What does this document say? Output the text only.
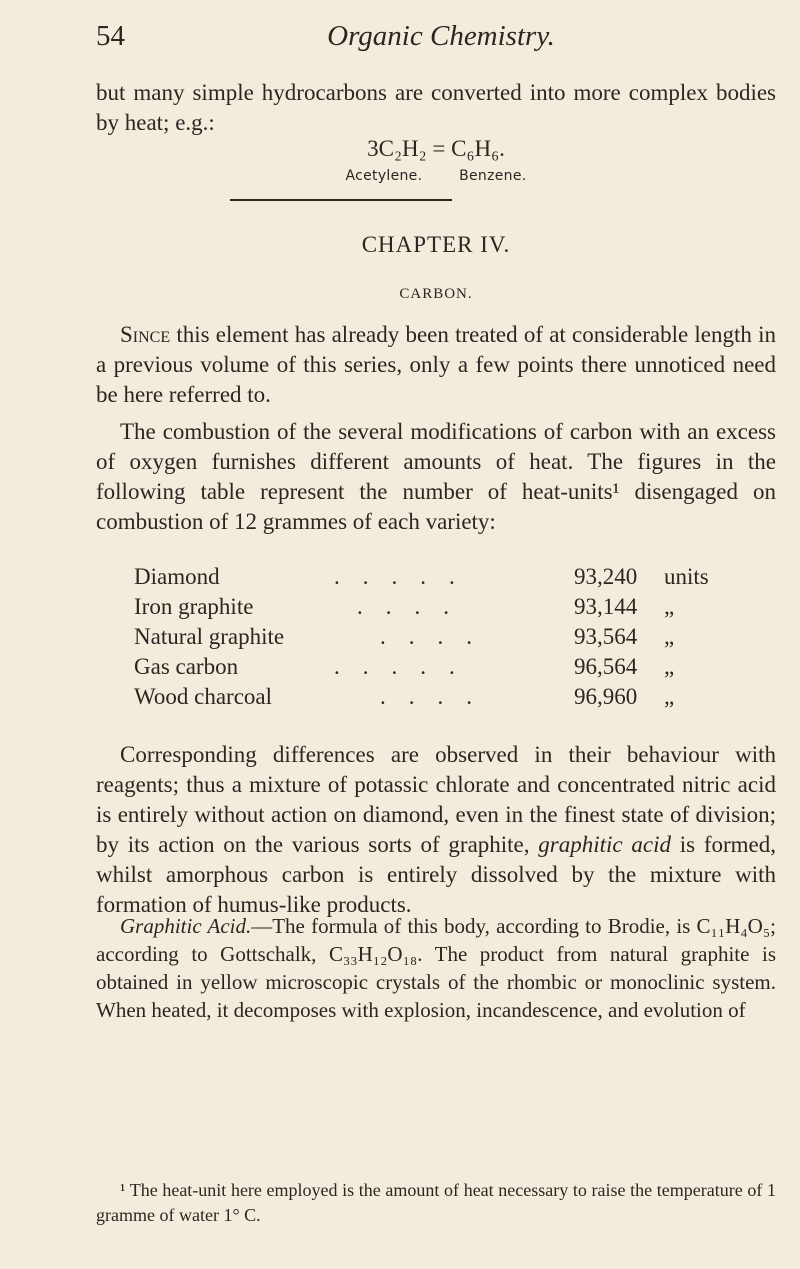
54	Organic Chemistry.

but many simple hydrocarbons are converted into more complex bodies by heat; e.g.:

3C₂H₂ = C₆H₆.
Acetylene.	Benzene.
CHAPTER IV.
CARBON.

Since this element has already been treated of at considerable length in a previous volume of this series, only a few points there unnoticed need be here referred to.

The combustion of the several modifications of carbon with an excess of oxygen furnishes different amounts of heat. The figures in the following table represent the number of heat-units¹ disengaged on combustion of 12 grammes of each variety:

Diamond	.    .    .    .    .	93,240 units
Iron graphite	.    .    .    .	93,144 „
Natural graphite .    .    .    .	93,564 „
Gas carbon	.    .    .    .    .	96,564 „
Wood charcoal	.    .    .    .	96,960 „

Corresponding differences are observed in their behaviour with reagents; thus a mixture of potassic chlorate and concentrated nitric acid is entirely without action on diamond, even in the finest state of division; by its action on the various sorts of graphite, graphitic acid is formed, whilst amorphous carbon is entirely dissolved by the mixture with formation of humus-like products.

Graphitic Acid.—The formula of this body, according to Brodie, is C₁₁H₄O₅; according to Gottschalk, C₃₃H₁₂O₁₈. The product from natural graphite is obtained in yellow microscopic crystals of the rhombic or monoclinic system. When heated, it decomposes with explosion, incandescence, and evolution of

¹ The heat-unit here employed is the amount of heat necessary to raise the temperature of 1 gramme of water 1° C.
